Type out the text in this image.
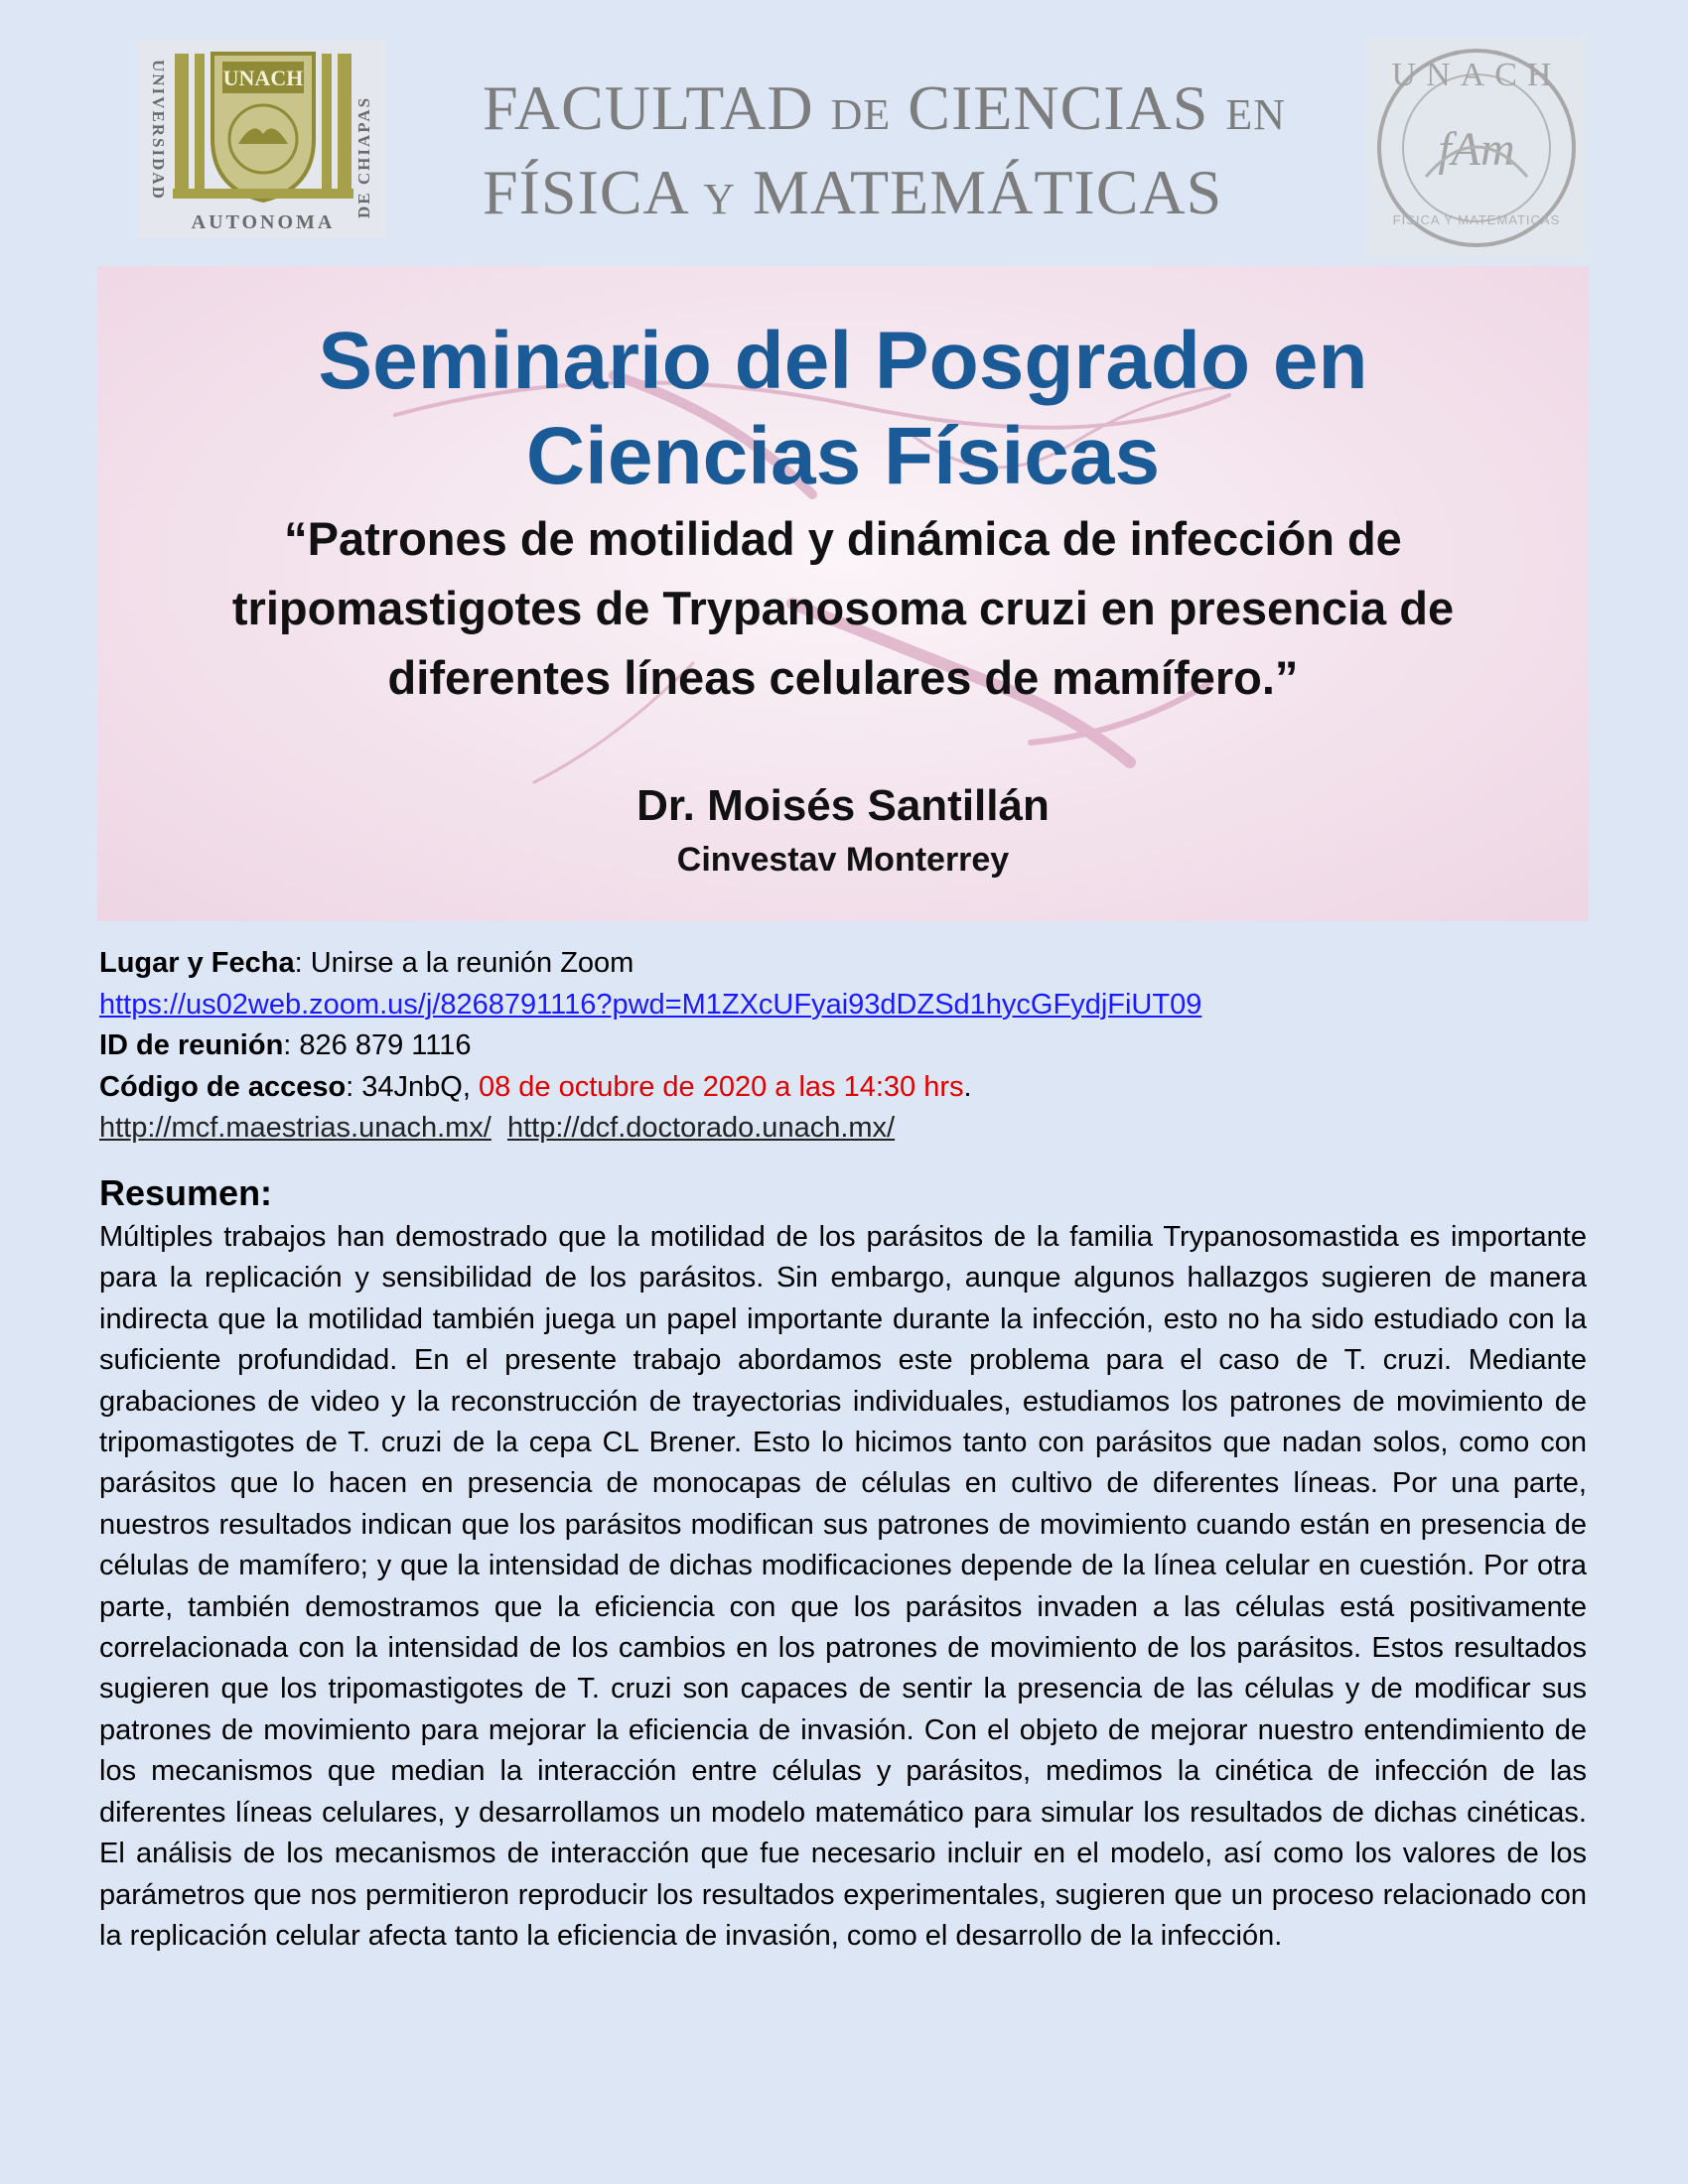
UNIVERSIDAD	DE CHIAPAS
UNACH
AUTONOMA
FACULTAD DE CIENCIAS EN
FÍSICA Y MATEMÁTICAS
UNACH
fAm
FISICA Y MATEMATICAS
Seminario del Posgrado en
Ciencias Físicas
“Patrones de motilidad y dinámica de infección de
tripomastigotes de Trypanosoma cruzi en presencia de
diferentes líneas celulares de mamífero.”
Dr. Moisés Santillán
Cinvestav Monterrey
Lugar y Fecha: Unirse a la reunión Zoom
https://us02web.zoom.us/j/8268791116?pwd=M1ZXcUFyai93dDZSd1hycGFydjFiUT09
ID de reunión: 826 879 1116
Código de acceso: 34JnbQ, 08 de octubre de 2020 a las 14:30 hrs.
http://mcf.maestrias.unach.mx/ http://dcf.doctorado.unach.mx/
Resumen:
Múltiples trabajos han demostrado que la motilidad de los parásitos de la familia Trypanosomastida es importante para la replicación y sensibilidad de los parásitos. Sin embargo, aunque algunos hallazgos sugieren de manera indirecta que la motilidad también juega un papel importante durante la infección, esto no ha sido estudiado con la suficiente profundidad. En el presente trabajo abordamos este problema para el caso de T. cruzi. Mediante grabaciones de video y la reconstrucción de trayectorias individuales, estudiamos los patrones de movimiento de tripomastigotes de T. cruzi de la cepa CL Brener. Esto lo hicimos tanto con parásitos que nadan solos, como con parásitos que lo hacen en presencia de monocapas de células en cultivo de diferentes líneas. Por una parte, nuestros resultados indican que los parásitos modifican sus patrones de movimiento cuando están en presencia de células de mamífero; y que la intensidad de dichas modificaciones depende de la línea celular en cuestión. Por otra parte, también demostramos que la eficiencia con que los parásitos invaden a las células está positivamente correlacionada con la intensidad de los cambios en los patrones de movimiento de los parásitos. Estos resultados sugieren que los tripomastigotes de T. cruzi son capaces de sentir la presencia de las células y de modificar sus patrones de movimiento para mejorar la eficiencia de invasión. Con el objeto de mejorar nuestro entendimiento de los mecanismos que median la interacción entre células y parásitos, medimos la cinética de infección de las diferentes líneas celulares, y desarrollamos un modelo matemático para simular los resultados de dichas cinéticas. El análisis de los mecanismos de interacción que fue necesario incluir en el modelo, así como los valores de los parámetros que nos permitieron reproducir los resultados experimentales, sugieren que un proceso relacionado con la replicación celular afecta tanto la eficiencia de invasión, como el desarrollo de la infección.
